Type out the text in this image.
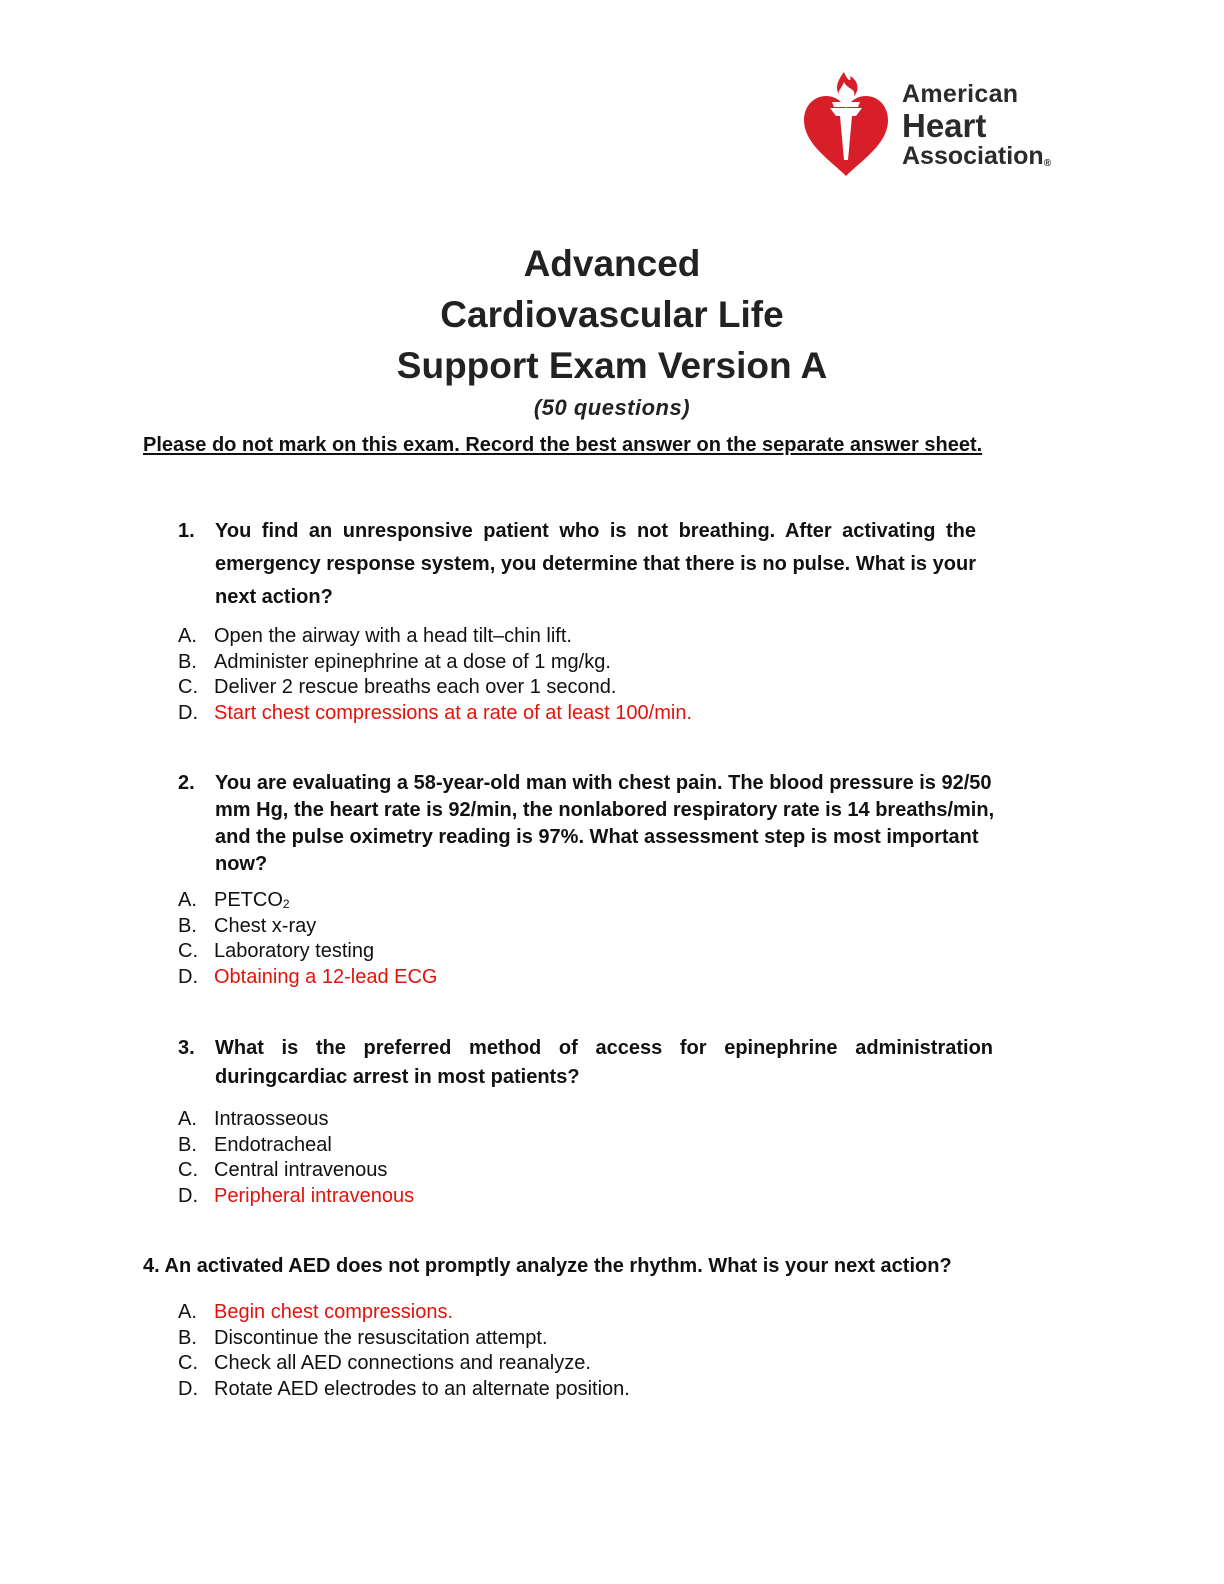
American
Heart
Association®
Advanced
Cardiovascular Life
Support Exam Version A
(50 questions)
Please do not mark on this exam. Record the best answer on the separate answer sheet.
1. You find an unresponsive patient who is not breathing. After activating the emergency response system, you determine that there is no pulse. What is your next action?
A. Open the airway with a head tilt–chin lift.
B. Administer epinephrine at a dose of 1 mg/kg.
C. Deliver 2 rescue breaths each over 1 second.
D. Start chest compressions at a rate of at least 100/min.
2. You are evaluating a 58-year-old man with chest pain. The blood pressure is 92/50 mm Hg, the heart rate is 92/min, the nonlabored respiratory rate is 14 breaths/min, and the pulse oximetry reading is 97%. What assessment step is most important now?
A. $PETCO_2$
B. Chest x-ray
C. Laboratory testing
D. Obtaining a 12-lead ECG
3. What is the preferred method of access for epinephrine administration duringcardiac arrest in most patients?
A. Intraosseous
B. Endotracheal
C. Central intravenous
D. Peripheral intravenous
4. An activated AED does not promptly analyze the rhythm. What is your next action?
A. Begin chest compressions.
B. Discontinue the resuscitation attempt.
C. Check all AED connections and reanalyze.
D. Rotate AED electrodes to an alternate position.
